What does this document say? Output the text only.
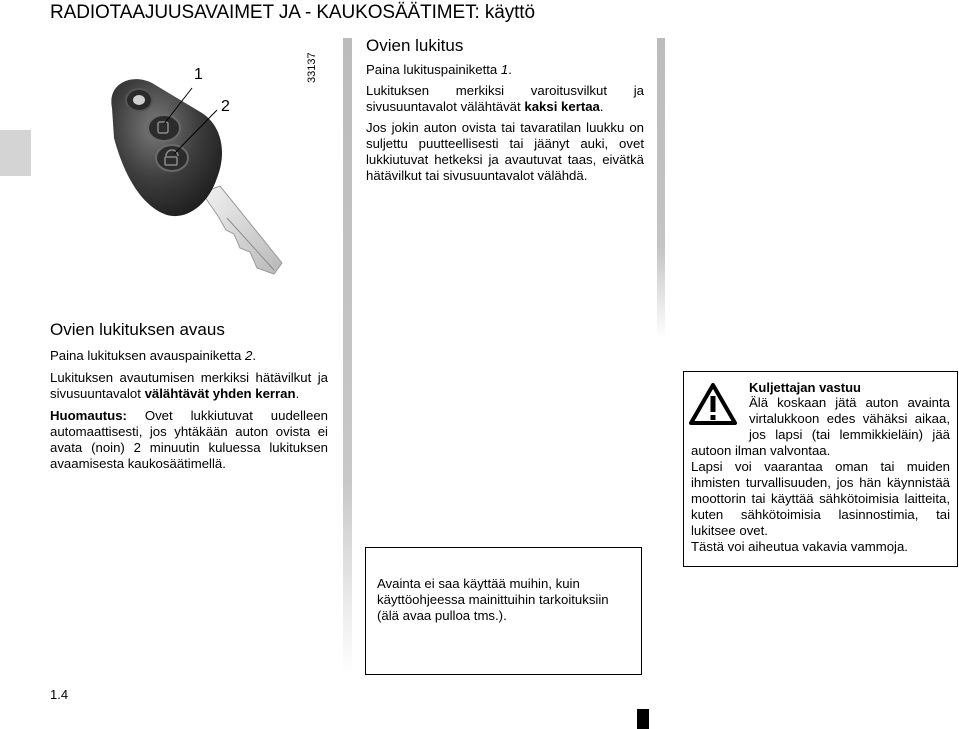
RADIOTAAJUUSAVAIMET JA - KAUKOSÄÄTIMET: käyttö
1
2
33137
Ovien lukitus
Paina lukituspainiketta 1.
Lukituksen merkiksi varoitusvilkut ja sivusuuntavalot välähtävät kaksi kertaa.
Jos jokin auton ovista tai tavaratilan luukku on suljettu puutteellisesti tai jäänyt auki, ovet lukkiutuvat hetkeksi ja avautuvat taas, eivätkä hätävilkut tai sivusuuntavalot välähdä.
Ovien lukituksen avaus
Paina lukituksen avauspainiketta 2.
Lukituksen avautumisen merkiksi hätävilkut ja sivusuuntavalot välähtävät yhden kerran.
Huomautus: Ovet lukkiutuvat uudelleen automaattisesti, jos yhtäkään auton ovista ei avata (noin) 2 minuutin kuluessa lukituksen avaamisesta kaukosäätimellä.
Kuljettajan vastuu
Älä koskaan jätä auton avainta virtalukkoon edes vähäksi aikaa, jos lapsi (tai lemmikkieläin) jää autoon ilman valvontaa.
Lapsi voi vaarantaa oman tai muiden ihmisten turvallisuuden, jos hän käynnistää moottorin tai käyttää sähkötoimisia laitteita, kuten sähkötoimisia lasinnostimia, tai lukitsee ovet.
Tästä voi aiheutua vakavia vammoja.
Avainta ei saa käyttää muihin, kuin käyttöohjeessa mainittuihin tarkoituksiin (älä avaa pulloa tms.).
1.4
